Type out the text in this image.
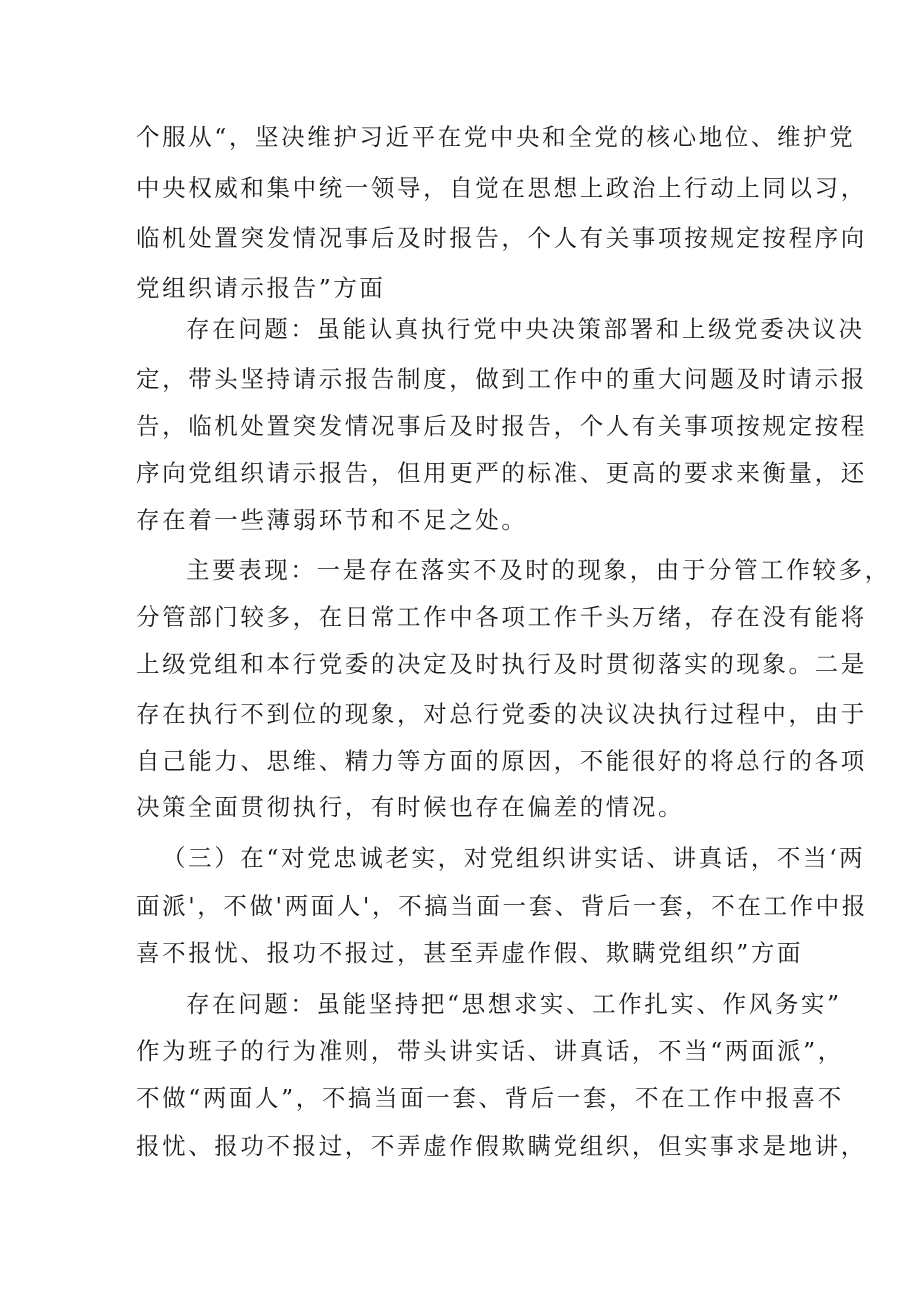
个服从“，坚决维护习近平在党中央和全党的核心地位、维护党

中央权威和集中统一领导，自觉在思想上政治上行动上同以习，

临机处置突发情况事后及时报告，个人有关事项按规定按程序向

党组织请示报告”方面

存在问题：虽能认真执行党中央决策部署和上级党委决议决

定，带头坚持请示报告制度，做到工作中的重大问题及时请示报

告，临机处置突发情况事后及时报告，个人有关事项按规定按程

序向党组织请示报告，但用更严的标准、更高的要求来衡量，还

存在着一些薄弱环节和不足之处。

主要表现：一是存在落实不及时的现象，由于分管工作较多，

分管部门较多，在日常工作中各项工作千头万绪，存在没有能将

上级党组和本行党委的决定及时执行及时贯彻落实的现象。二是

存在执行不到位的现象，对总行党委的决议决执行过程中，由于

自己能力、思维、精力等方面的原因，不能很好的将总行的各项

决策全面贯彻执行，有时候也存在偏差的情况。

（三）在“对党忠诚老实，对党组织讲实话、讲真话，不当‘两

面派'，不做'两面人'，不搞当面一套、背后一套，不在工作中报

喜不报忧、报功不报过，甚至弄虚作假、欺瞒党组织”方面

存在问题：虽能坚持把“思想求实、工作扎实、作风务实”

作为班子的行为准则，带头讲实话、讲真话，不当“两面派”，

不做“两面人”，不搞当面一套、背后一套，不在工作中报喜不

报忧、报功不报过，不弄虚作假欺瞒党组织，但实事求是地讲，
